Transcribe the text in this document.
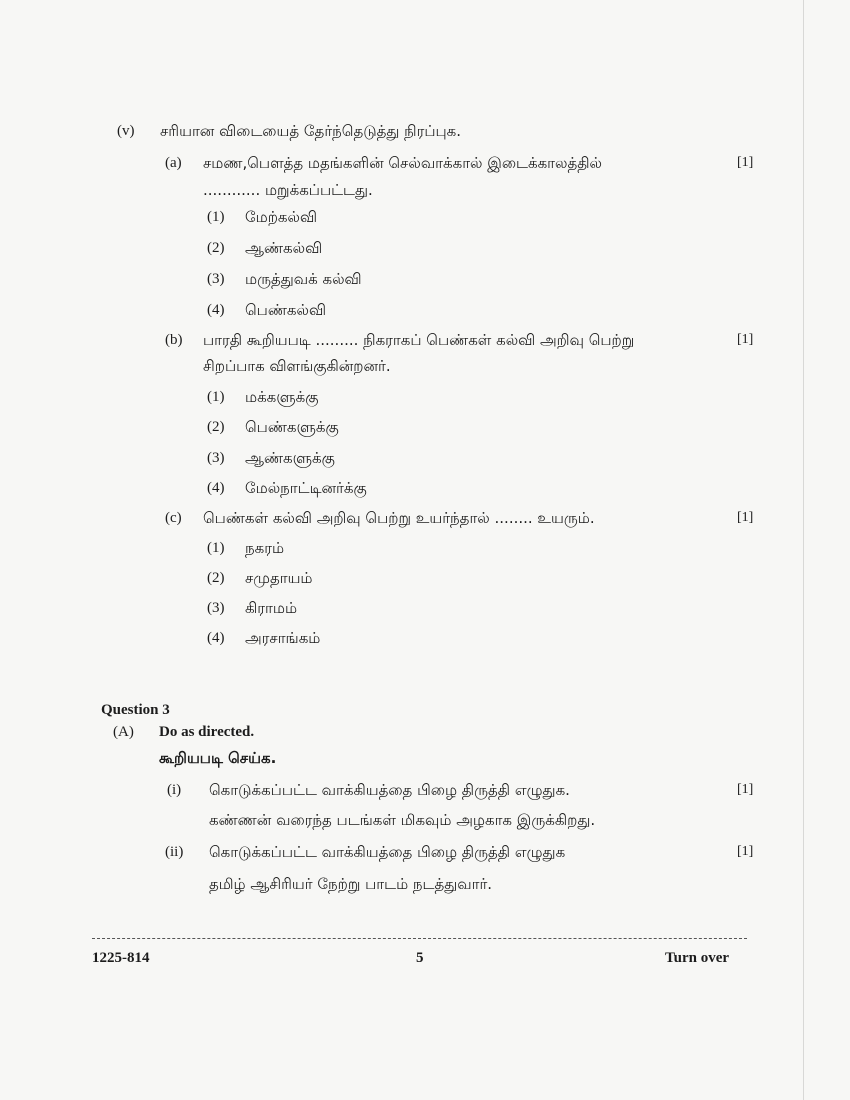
(v) சரியான விடையைத் தேர்ந்தெடுத்து நிரப்புக.
(a) சமண,பௌத்த மதங்களின் செல்வாக்கால் இடைக்காலத்தில்	[1]
............ மறுக்கப்பட்டது.
(1) மேற்கல்வி
(2) ஆண்கல்வி
(3) மருத்துவக் கல்வி
(4) பெண்கல்வி
(b) பாரதி கூறியபடி ......... நிகராகப் பெண்கள் கல்வி அறிவு பெற்று	[1]
சிறப்பாக விளங்குகின்றனர்.
(1) மக்களுக்கு
(2) பெண்களுக்கு
(3) ஆண்களுக்கு
(4) மேல்நாட்டினர்க்கு
(c) பெண்கள் கல்வி அறிவு பெற்று உயர்ந்தால் ........ உயரும்.	[1]
(1) நகரம்
(2) சமுதாயம்
(3) கிராமம்
(4) அரசாங்கம்
Question 3
(A) Do as directed.
கூறியபடி செய்க.
(i) கொடுக்கப்பட்ட வாக்கியத்தை பிழை திருத்தி எழுதுக.	[1]
கண்ணன் வரைந்த படங்கள் மிகவும் அழகாக இருக்கிறது.
(ii) கொடுக்கப்பட்ட வாக்கியத்தை பிழை திருத்தி எழுதுக	[1]
தமிழ் ஆசிரியர் நேற்று பாடம் நடத்துவார்.
1225-814	5	Turn over
